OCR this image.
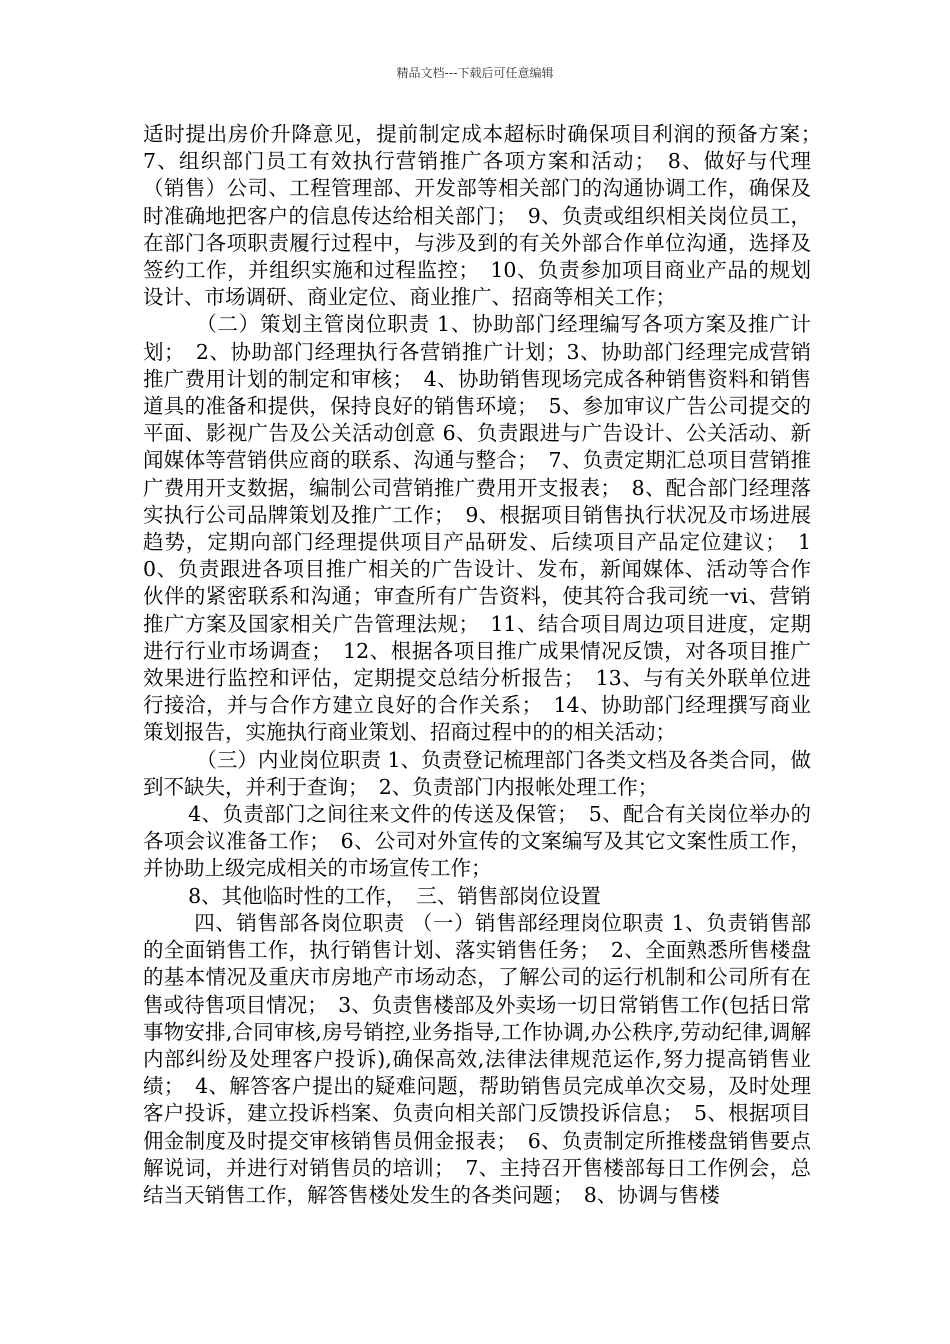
精品文档---下载后可任意编辑

适时提出房价升降意见，提前制定成本超标时确保项目利润的预备方案；　7、组织部门员工有效执行营销推广各项方案和活动；　8、做好与代理（销售）公司、工程管理部、开发部等相关部门的沟通协调工作，确保及时准确地把客户的信息传达给相关部门；　9、负责或组织相关岗位员工，在部门各项职责履行过程中，与涉及到的有关外部合作单位沟通，选择及签约工作，并组织实施和过程监控；　10、负责参加项目商业产品的规划设计、市场调研、商业定位、商业推广、招商等相关工作；

（二）策划主管岗位职责 1、协助部门经理编写各项方案及推广计划；　2、协助部门经理执行各营销推广计划；3、协助部门经理完成营销推广费用计划的制定和审核；　4、协助销售现场完成各种销售资料和销售道具的准备和提供，保持良好的销售环境；　5、参加审议广告公司提交的平面、影视广告及公关活动创意 6、负责跟进与广告设计、公关活动、新闻媒体等营销供应商的联系、沟通与整合；　7、负责定期汇总项目营销推广费用开支数据，编制公司营销推广费用开支报表；　8、配合部门经理落实执行公司品牌策划及推广工作；　9、根据项目销售执行状况及市场进展趋势，定期向部门经理提供项目产品研发、后续项目产品定位建议；　10、负责跟进各项目推广相关的广告设计、发布，新闻媒体、活动等合作伙伴的紧密联系和沟通；审查所有广告资料，使其符合我司统一vi、营销推广方案及国家相关广告管理法规；　11、结合项目周边项目进度，定期进行行业市场调查；　12、根据各项目推广成果情况反馈，对各项目推广效果进行监控和评估，定期提交总结分析报告；　13、与有关外联单位进行接洽，并与合作方建立良好的合作关系；　14、协助部门经理撰写商业策划报告，实施执行商业策划、招商过程中的的相关活动；

（三）内业岗位职责 1、负责登记梳理部门各类文档及各类合同，做到不缺失，并利于查询；　2、负责部门内报帐处理工作；

4、负责部门之间往来文件的传送及保管；　5、配合有关岗位举办的各项会议准备工作；　6、公司对外宣传的文案编写及其它文案性质工作，并协助上级完成相关的市场宣传工作；

8、其他临时性的工作，　三、销售部岗位设置

四、销售部各岗位职责 （一）销售部经理岗位职责 1、负责销售部的全面销售工作，执行销售计划、落实销售任务；　2、全面熟悉所售楼盘的基本情况及重庆市房地产市场动态，了解公司的运行机制和公司所有在售或待售项目情况；　3、负责售楼部及外卖场一切日常销售工作(包括日常事物安排,合同审核,房号销控,业务指导,工作协调,办公秩序,劳动纪律,调解内部纠纷及处理客户投诉),确保高效,法律法律规范运作,努力提高销售业绩；　4、解答客户提出的疑难问题，帮助销售员完成单次交易，及时处理客户投诉，建立投诉档案、负责向相关部门反馈投诉信息；　5、根据项目佣金制度及时提交审核销售员佣金报表；　6、负责制定所推楼盘销售要点解说词，并进行对销售员的培训；　7、主持召开售楼部每日工作例会，总结当天销售工作，解答售楼处发生的各类问题；　8、协调与售楼
